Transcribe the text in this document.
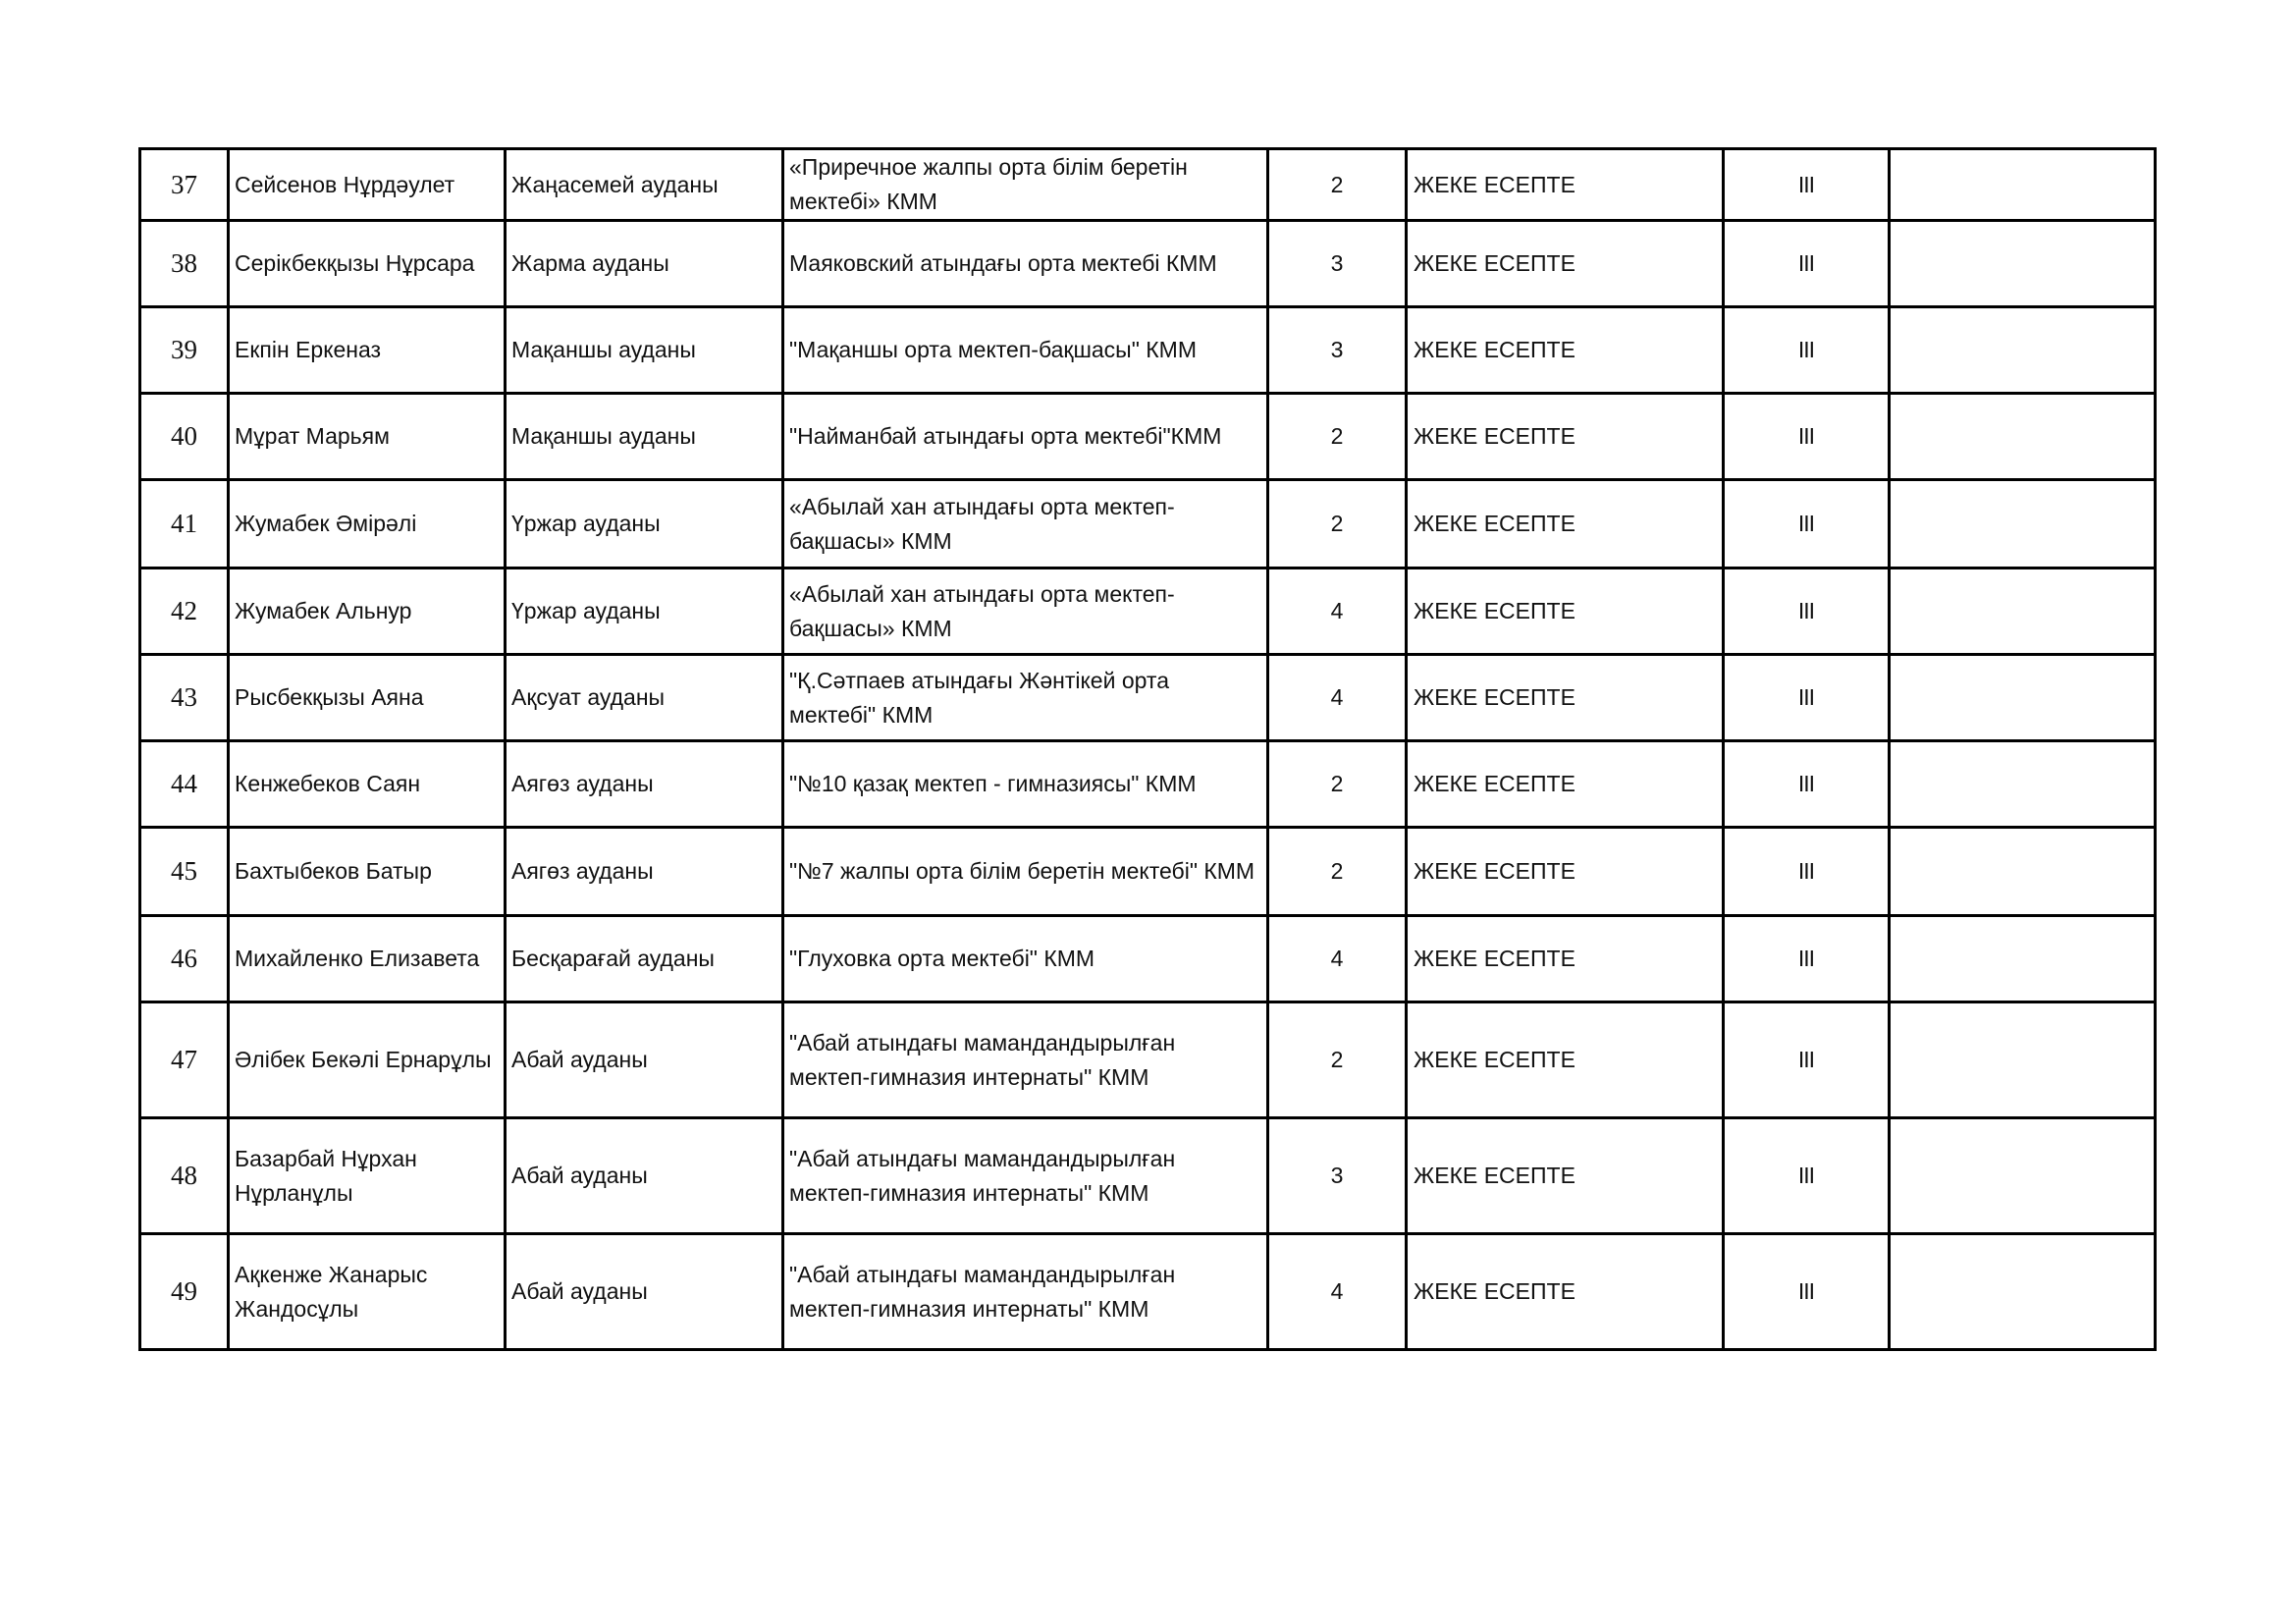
37	Сейсенов Нұрдәулет	Жаңасемей ауданы	«Приречное жалпы орта білім беретін мектебі» КММ	2	ЖЕКЕ ЕСЕПТЕ	III	
38	Серікбекқызы Нұрсара	Жарма ауданы	Маяковский атындағы орта мектебі КММ	3	ЖЕКЕ ЕСЕПТЕ	III	
39	Екпін Еркеназ	Мақаншы ауданы	"Мақаншы орта мектеп-бақшасы" КММ	3	ЖЕКЕ ЕСЕПТЕ	III	
40	Мұрат Марьям	Мақаншы ауданы	"Найманбай атындағы орта мектебі"КММ	2	ЖЕКЕ ЕСЕПТЕ	III	
41	Жумабек Әмірәлі	Үржар ауданы	«Абылай хан атындағы орта мектеп-бақшасы» КММ	2	ЖЕКЕ ЕСЕПТЕ	III	
42	Жумабек Альнур	Үржар ауданы	«Абылай хан атындағы орта мектеп-бақшасы» КММ	4	ЖЕКЕ ЕСЕПТЕ	III	
43	Рысбекқызы Аяна	Ақсуат ауданы	"Қ.Сәтпаев атындағы Жәнтікей орта мектебі" КММ	4	ЖЕКЕ ЕСЕПТЕ	III	
44	Кенжебеков Саян	Аягөз ауданы	"№10 қазақ мектеп - гимназиясы" КММ	2	ЖЕКЕ ЕСЕПТЕ	III	
45	Бахтыбеков Батыр	Аягөз ауданы	"№7 жалпы орта білім беретін мектебі" КММ	2	ЖЕКЕ ЕСЕПТЕ	III	
46	Михайленко Елизавета	Бесқарағай ауданы	"Глуховка орта мектебі" КММ	4	ЖЕКЕ ЕСЕПТЕ	III	
47	Әлібек Бекәлі Ернарұлы	Абай ауданы	"Абай атындағы мамандандырылған мектеп-гимназия интернаты" КММ	2	ЖЕКЕ ЕСЕПТЕ	III	
48	Базарбай Нұрхан Нұрланұлы	Абай ауданы	"Абай атындағы мамандандырылған мектеп-гимназия интернаты" КММ	3	ЖЕКЕ ЕСЕПТЕ	III	
49	Ақкенже Жанарыс Жандосұлы	Абай ауданы	"Абай атындағы мамандандырылған мектеп-гимназия интернаты" КММ	4	ЖЕКЕ ЕСЕПТЕ	III	
